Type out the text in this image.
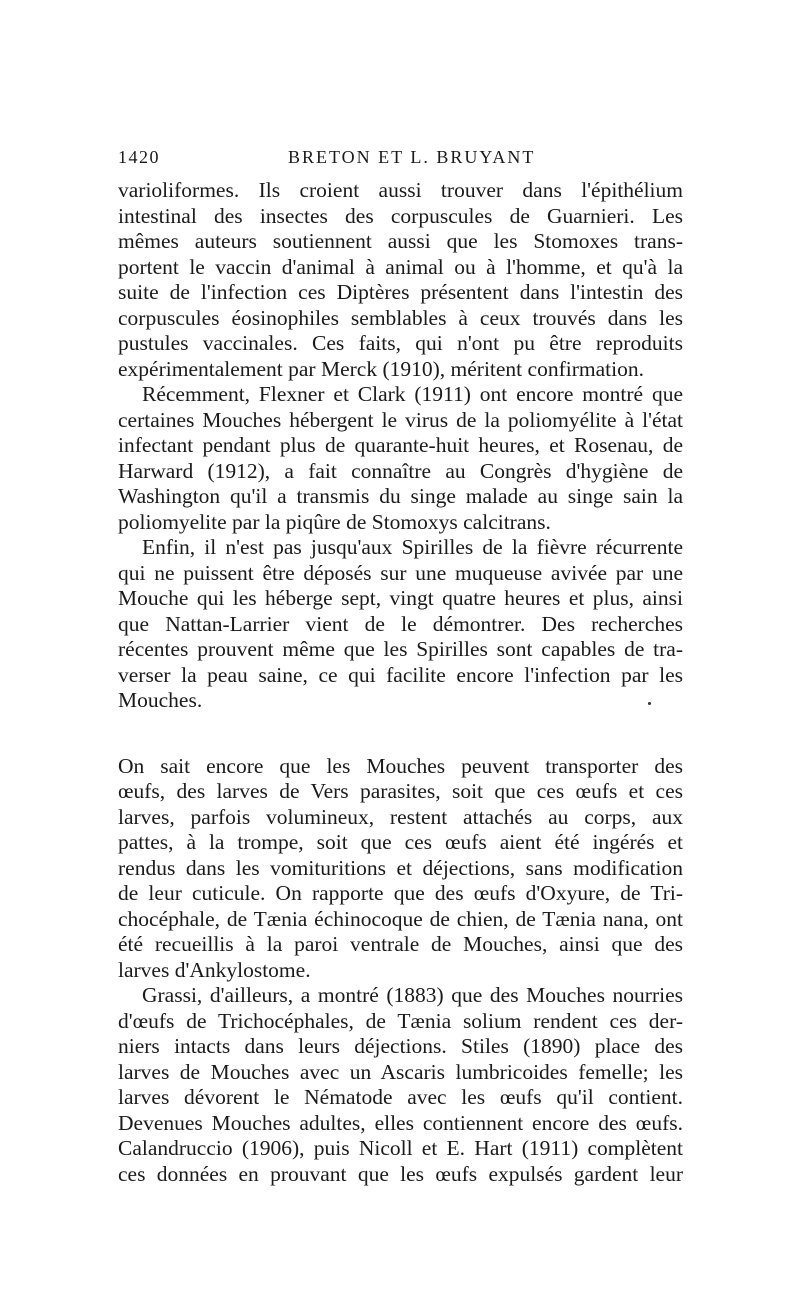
1420	BRETON ET L. BRUYANT
varioliformes. Ils croient aussi trouver dans l'épithélium
intestinal des insectes des corpuscules de Guarnieri. Les
mêmes auteurs soutiennent aussi que les Stomoxes trans-
portent le vaccin d'animal à animal ou à l'homme, et qu'à la
suite de l'infection ces Diptères présentent dans l'intestin des
corpuscules éosinophiles semblables à ceux trouvés dans les
pustules vaccinales. Ces faits, qui n'ont pu être reproduits
expérimentalement par Merck (1910), méritent confirmation.
Récemment, Flexner et Clark (1911) ont encore montré que
certaines Mouches hébergent le virus de la poliomyélite à l'état
infectant pendant plus de quarante-huit heures, et Rosenau, de
Harward (1912), a fait connaître au Congrès d'hygiène de
Washington qu'il a transmis du singe malade au singe sain la
poliomyelite par la piqûre de Stomoxys calcitrans.
Enfin, il n'est pas jusqu'aux Spirilles de la fièvre récurrente
qui ne puissent être déposés sur une muqueuse avivée par une
Mouche qui les héberge sept, vingt quatre heures et plus, ainsi
que Nattan-Larrier vient de le démontrer. Des recherches
récentes prouvent même que les Spirilles sont capables de tra-
verser la peau saine, ce qui facilite encore l'infection par les
Mouches.
On sait encore que les Mouches peuvent transporter des
œufs, des larves de Vers parasites, soit que ces œufs et ces
larves, parfois volumineux, restent attachés au corps, aux
pattes, à la trompe, soit que ces œufs aient été ingérés et
rendus dans les vomituritions et déjections, sans modification
de leur cuticule. On rapporte que des œufs d'Oxyure, de Tri-
chocéphale, de Tænia échinocoque de chien, de Tænia nana, ont
été recueillis à la paroi ventrale de Mouches, ainsi que des
larves d'Ankylostome.
Grassi, d'ailleurs, a montré (1883) que des Mouches nourries
d'œufs de Trichocéphales, de Tænia solium rendent ces der-
niers intacts dans leurs déjections. Stiles (1890) place des
larves de Mouches avec un Ascaris lumbricoides femelle; les
larves dévorent le Nématode avec les œufs qu'il contient.
Devenues Mouches adultes, elles contiennent encore des œufs.
Calandruccio (1906), puis Nicoll et E. Hart (1911) complètent
ces données en prouvant que les œufs expulsés gardent leur
